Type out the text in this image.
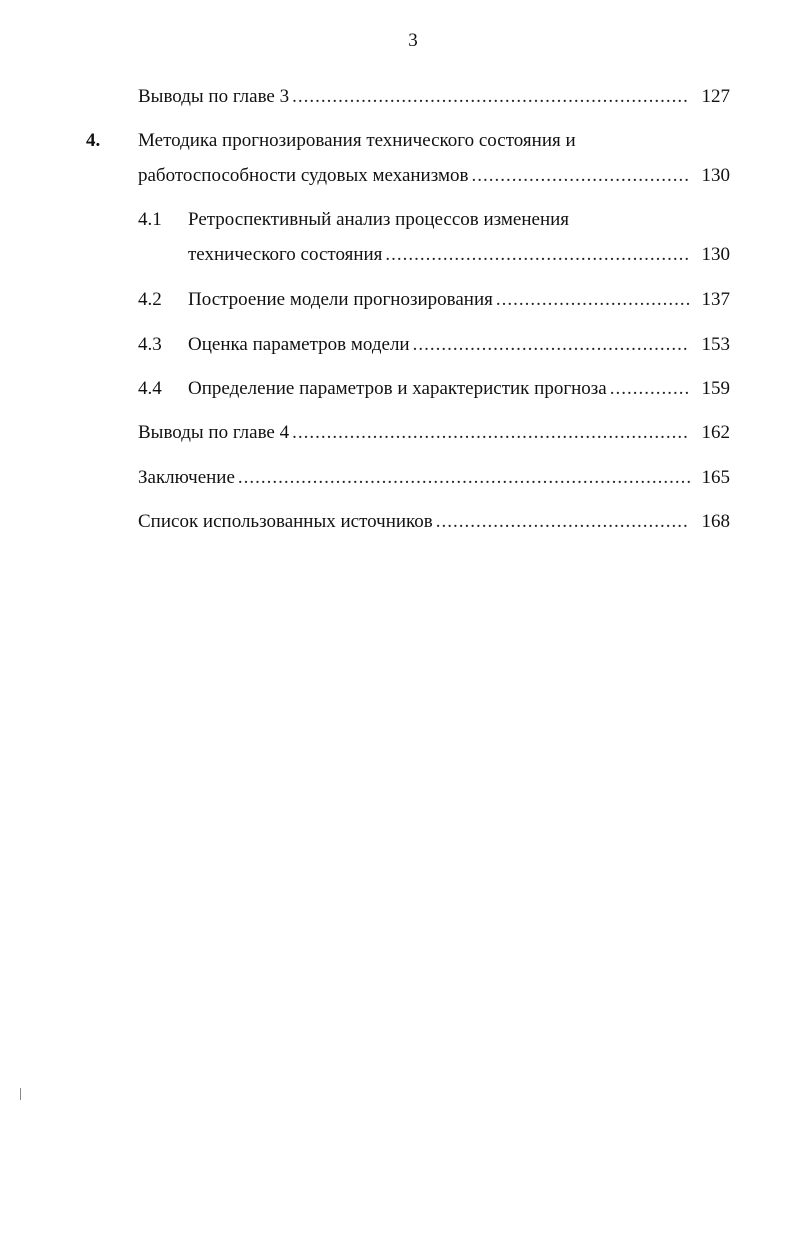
3
Выводы по главе 3 .....	127
4. Методика прогнозирования технического состояния и
работоспособности судовых механизмов .....	130
4.1 Ретроспективный анализ процессов изменения
технического состояния .....	130
4.2 Построение модели прогнозирования .....	137
4.3 Оценка параметров модели .....	153
4.4 Определение параметров и характеристик прогноза .....	159
Выводы по главе 4 .....	162
Заключение .....	165
Список использованных источников .....	168
